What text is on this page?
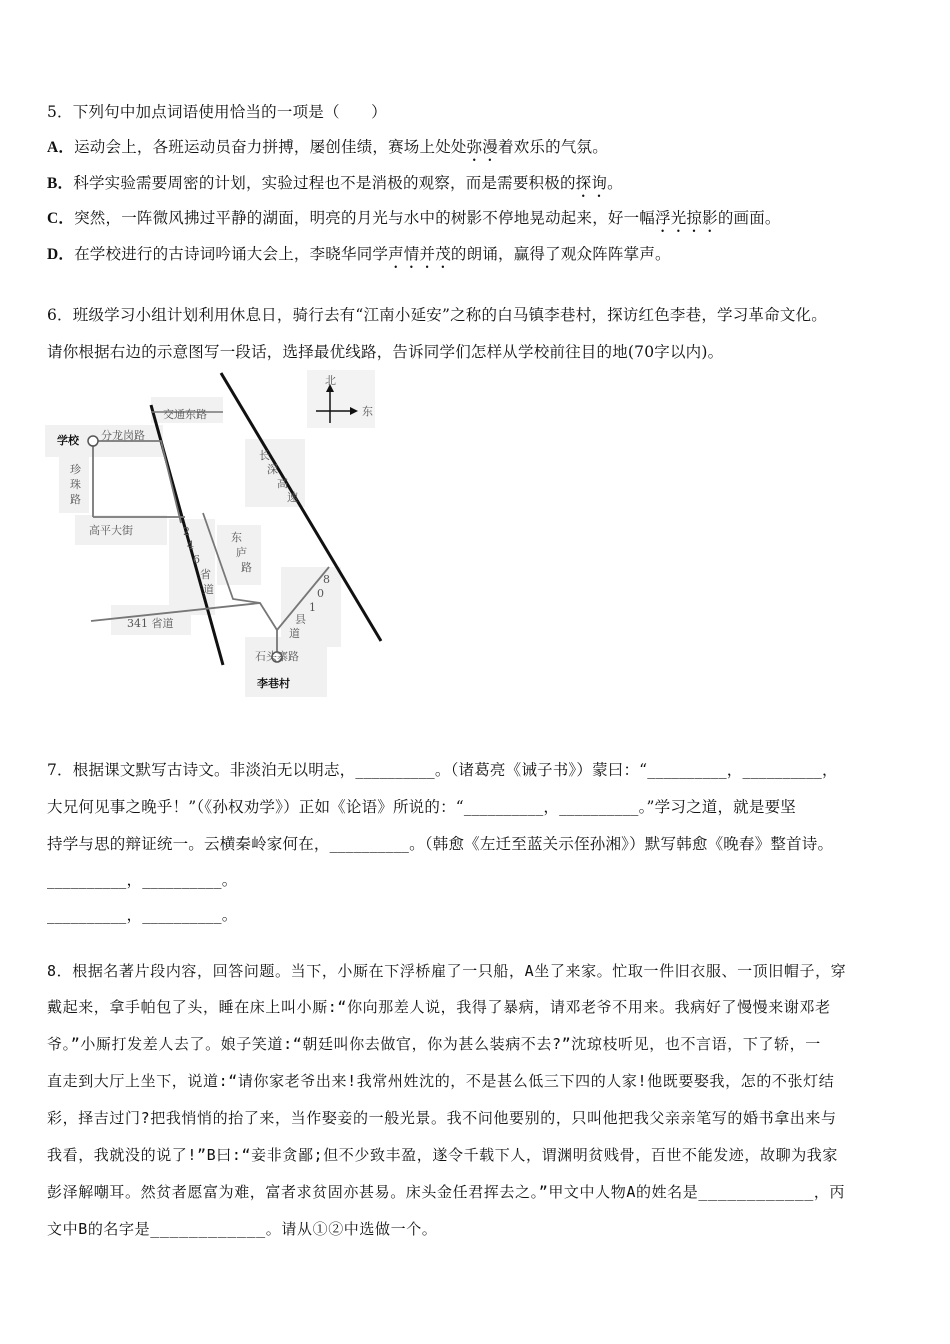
5．下列句中加点词语使用恰当的一项是（　　）
A．运动会上，各班运动员奋力拼搏，屡创佳绩，赛场上处处弥漫着欢乐的气氛。
B．科学实验需要周密的计划，实验过程也不是消极的观察，而是需要积极的探询。
C．突然，一阵微风拂过平静的湖面，明亮的月光与水中的树影不停地晃动起来，好一幅浮光掠影的画面。
D．在学校进行的古诗词吟诵大会上，李晓华同学声情并茂的朗诵，赢得了观众阵阵掌声。
6．班级学习小组计划利用休息日，骑行去有“江南小延安”之称的白马镇李巷村，探访红色李巷，学习革命文化。
请你根据右边的示意图写一段话，选择最优线路，告诉同学们怎样从学校前往目的地(70字以内)。
北
东
学校 分龙岗路
交通东路
珍
珠
路
高平大街
长
深
高
速
2
4
6
省
道
东
庐
路
8
0
1
县
道
341 省道
石头寨路
李巷村
7．根据课文默写古诗文。非淡泊无以明志，__________。（诸葛亮《诫子书》）蒙曰：“__________，__________，
大兄何见事之晚乎！”（《孙权劝学》）正如《论语》所说的：“__________，__________。”学习之道，就是要坚
持学与思的辩证统一。云横秦岭家何在，__________。（韩愈《左迁至蓝关示侄孙湘》）默写韩愈《晚春》整首诗。
__________，__________。
__________，__________。
8．根据名著片段内容，回答问题。当下，小厮在下浮桥雇了一只船，A坐了来家。忙取一件旧衣服、一顶旧帽子，穿
戴起来，拿手帕包了头，睡在床上叫小厮:“你向那差人说，我得了暴病，请邓老爷不用来。我病好了慢慢来谢邓老
爷。”小厮打发差人去了。娘子笑道:“朝廷叫你去做官，你为甚么装病不去?”沈琼枝听见，也不言语，下了轿，一
直走到大厅上坐下，说道:“请你家老爷出来!我常州姓沈的，不是甚么低三下四的人家!他既要娶我，怎的不张灯结
彩，择吉过门?把我悄悄的抬了来，当作娶妾的一般光景。我不问他要别的，只叫他把我父亲亲笔写的婚书拿出来与
我看，我就没的说了!”B曰:“妾非贪鄙;但不少致丰盈，遂令千载下人，谓渊明贫贱骨，百世不能发迹，故聊为我家
彭泽解嘲耳。然贫者愿富为难，富者求贫固亦甚易。床头金任君挥去之。”甲文中人物A的姓名是____________，丙
文中B的名字是____________。请从①②中选做一个。
